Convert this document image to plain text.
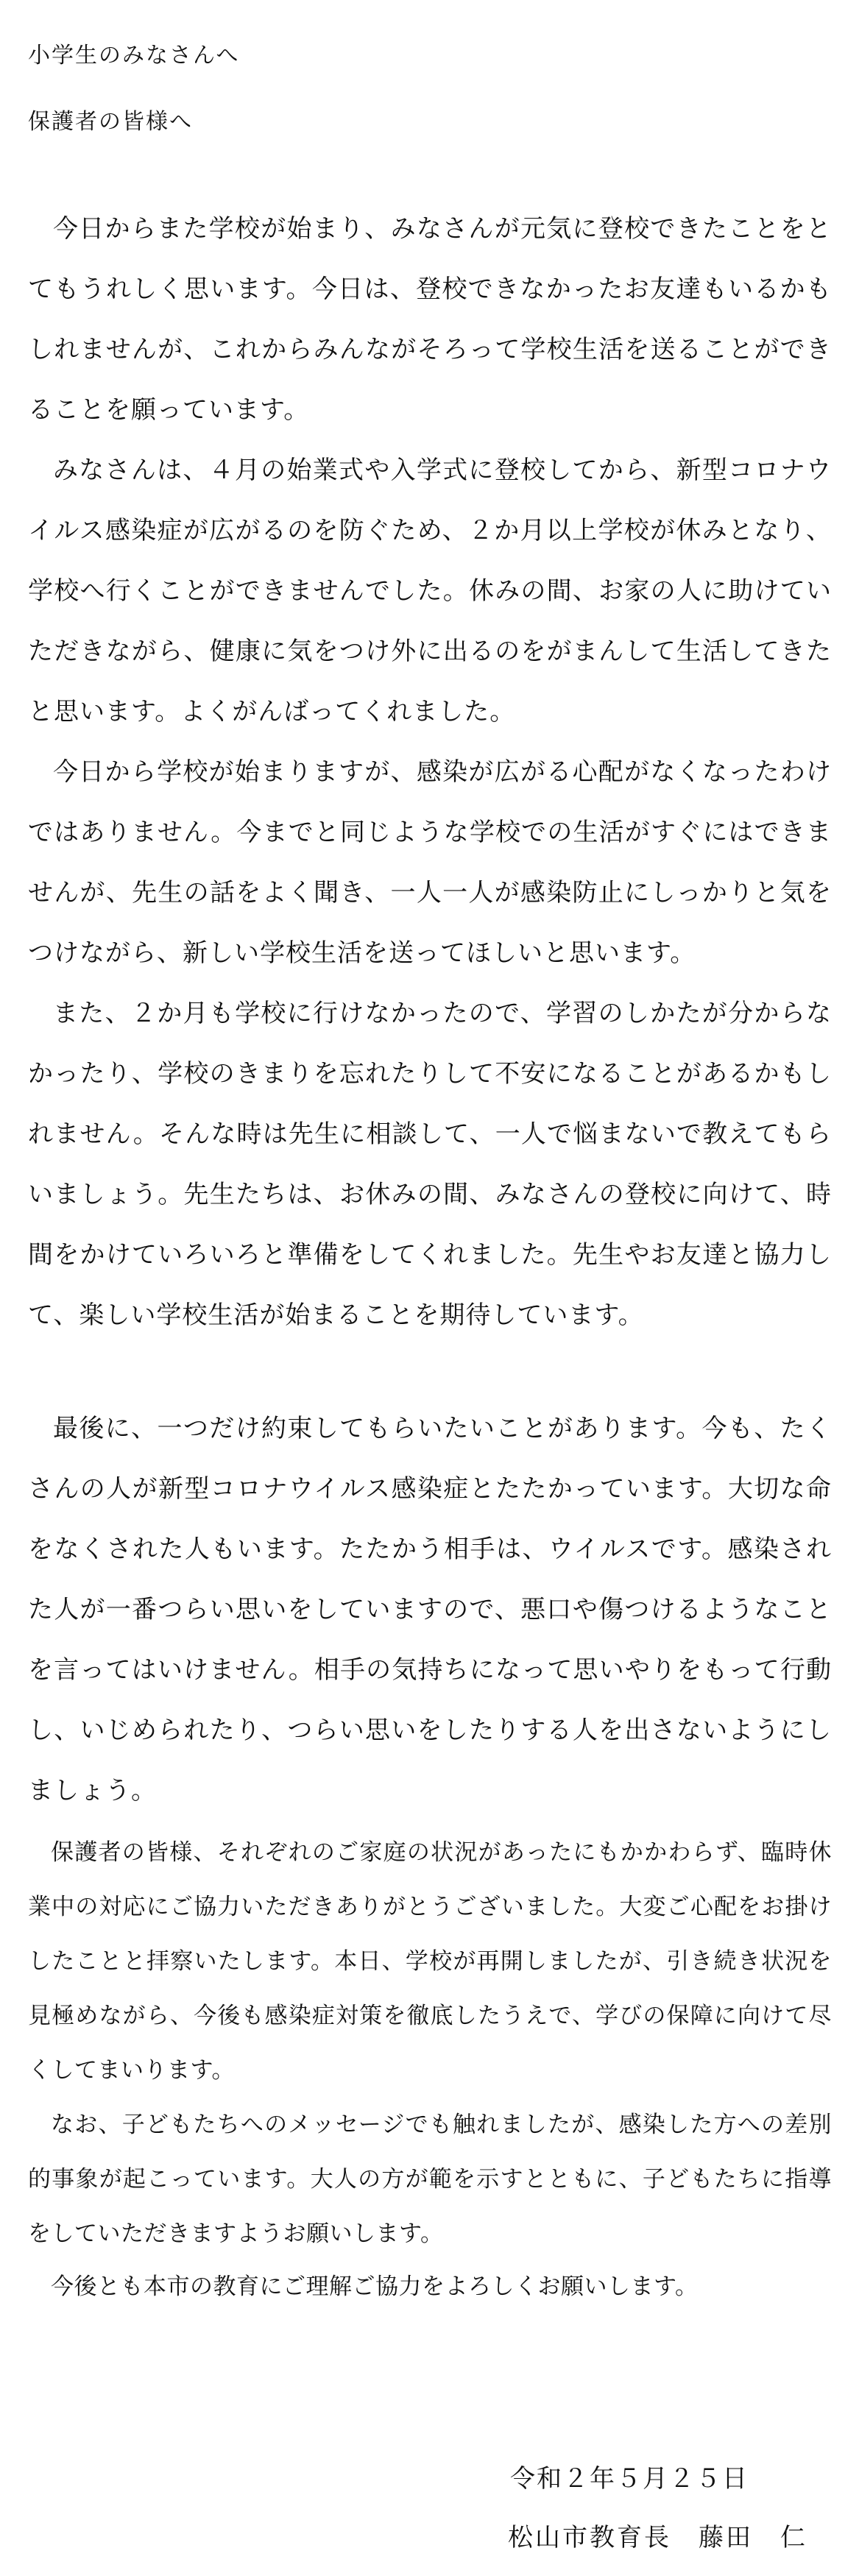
小学生のみなさんへ

保護者の皆様へ

今日からまた学校が始まり、みなさんが元気に登校できたことをとてもうれしく思います。今日は、登校できなかったお友達もいるかもしれませんが、これからみんながそろって学校生活を送ることができることを願っています。

みなさんは、４月の始業式や入学式に登校してから、新型コロナウイルス感染症が広がるのを防ぐため、２か月以上学校が休みとなり、学校へ行くことができませんでした。休みの間、お家の人に助けていただきながら、健康に気をつけ外に出るのをがまんして生活してきたと思います。よくがんばってくれました。

今日から学校が始まりますが、感染が広がる心配がなくなったわけではありません。今までと同じような学校での生活がすぐにはできませんが、先生の話をよく聞き、一人一人が感染防止にしっかりと気をつけながら、新しい学校生活を送ってほしいと思います。

また、２か月も学校に行けなかったので、学習のしかたが分からなかったり、学校のきまりを忘れたりして不安になることがあるかもしれません。そんな時は先生に相談して、一人で悩まないで教えてもらいましょう。先生たちは、お休みの間、みなさんの登校に向けて、時間をかけていろいろと準備をしてくれました。先生やお友達と協力して、楽しい学校生活が始まることを期待しています。

最後に、一つだけ約束してもらいたいことがあります。今も、たくさんの人が新型コロナウイルス感染症とたたかっています。大切な命をなくされた人もいます。たたかう相手は、ウイルスです。感染された人が一番つらい思いをしていますので、悪口や傷つけるようなことを言ってはいけません。相手の気持ちになって思いやりをもって行動し、いじめられたり、つらい思いをしたりする人を出さないようにしましょう。

保護者の皆様、それぞれのご家庭の状況があったにもかかわらず、臨時休業中の対応にご協力いただきありがとうございました。大変ご心配をお掛けしたことと拝察いたします。本日、学校が再開しましたが、引き続き状況を見極めながら、今後も感染症対策を徹底したうえで、学びの保障に向けて尽くしてまいります。

なお、子どもたちへのメッセージでも触れましたが、感染した方への差別的事象が起こっています。大人の方が範を示すとともに、子どもたちに指導をしていただきますようお願いします。

今後とも本市の教育にご理解ご協力をよろしくお願いします。

令和２年５月２５日

松山市教育長　藤田　仁
